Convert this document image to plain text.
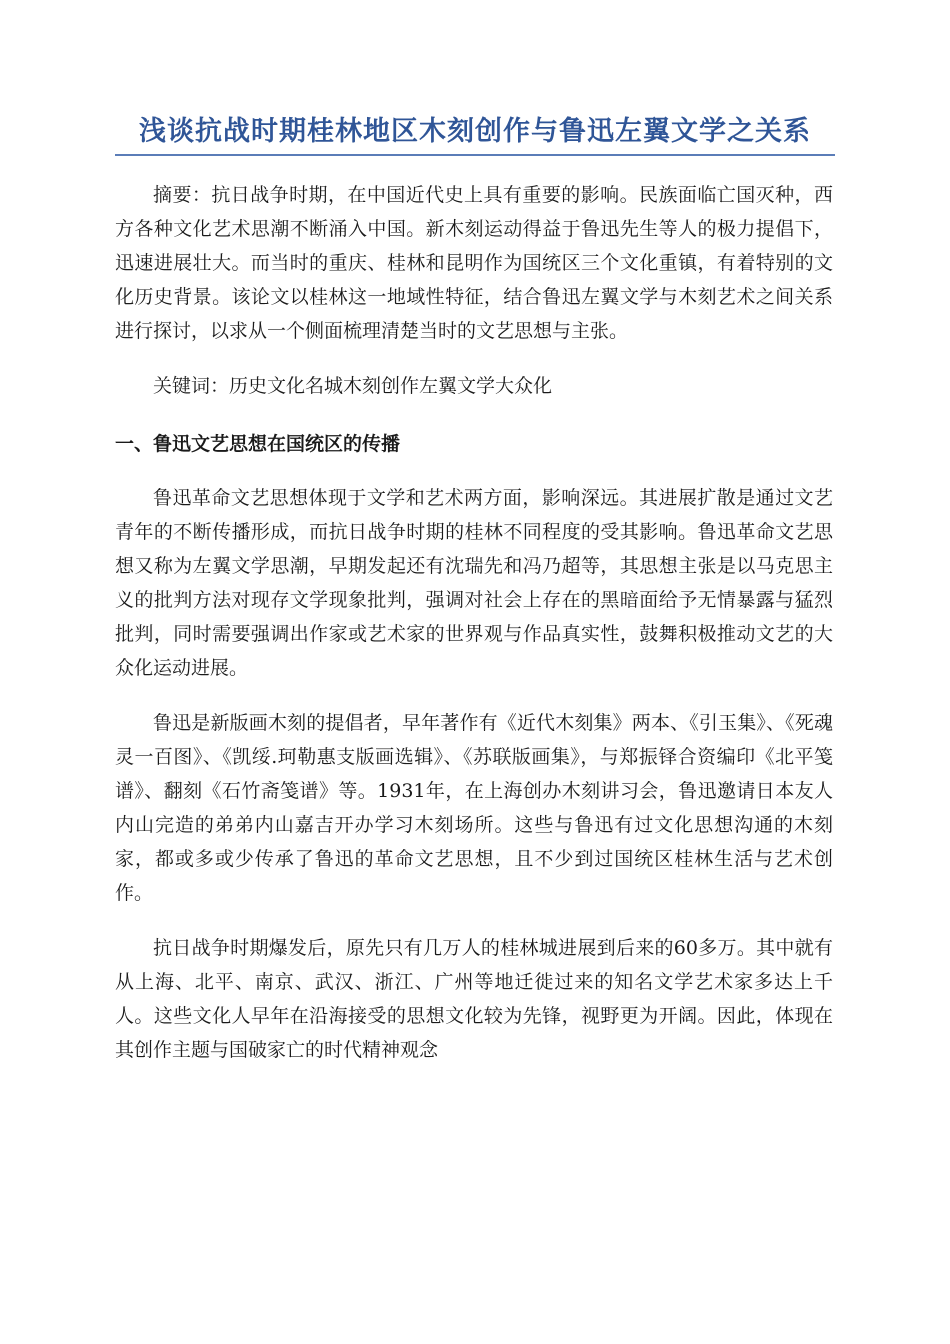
浅谈抗战时期桂林地区木刻创作与鲁迅左翼文学之关系

摘要：抗日战争时期，在中国近代史上具有重要的影响。民族面临亡国灭种，西方各种文化艺术思潮不断涌入中国。新木刻运动得益于鲁迅先生等人的极力提倡下，迅速进展壮大。而当时的重庆、桂林和昆明作为国统区三个文化重镇，有着特别的文化历史背景。该论文以桂林这一地域性特征，结合鲁迅左翼文学与木刻艺术之间关系进行探讨，以求从一个侧面梳理清楚当时的文艺思想与主张。

关键词：历史文化名城木刻创作左翼文学大众化

一、鲁迅文艺思想在国统区的传播

鲁迅革命文艺思想体现于文学和艺术两方面，影响深远。其进展扩散是通过文艺青年的不断传播形成，而抗日战争时期的桂林不同程度的受其影响。鲁迅革命文艺思想又称为左翼文学思潮，早期发起还有沈瑞先和冯乃超等，其思想主张是以马克思主义的批判方法对现存文学现象批判，强调对社会上存在的黑暗面给予无情暴露与猛烈批判，同时需要强调出作家或艺术家的世界观与作品真实性，鼓舞积极推动文艺的大众化运动进展。

鲁迅是新版画木刻的提倡者，早年著作有《近代木刻集》两本、《引玉集》、《死魂灵一百图》、《凯绥.珂勒惠支版画选辑》、《苏联版画集》，与郑振铎合资编印《北平笺谱》、翻刻《石竹斋笺谱》等。1931年，在上海创办木刻讲习会，鲁迅邀请日本友人内山完造的弟弟内山嘉吉开办学习木刻场所。这些与鲁迅有过文化思想沟通的木刻家，都或多或少传承了鲁迅的革命文艺思想，且不少到过国统区桂林生活与艺术创作。

抗日战争时期爆发后，原先只有几万人的桂林城进展到后来的60多万。其中就有从上海、北平、南京、武汉、浙江、广州等地迁徙过来的知名文学艺术家多达上千人。这些文化人早年在沿海接受的思想文化较为先锋，视野更为开阔。因此，体现在其创作主题与国破家亡的时代精神观念
